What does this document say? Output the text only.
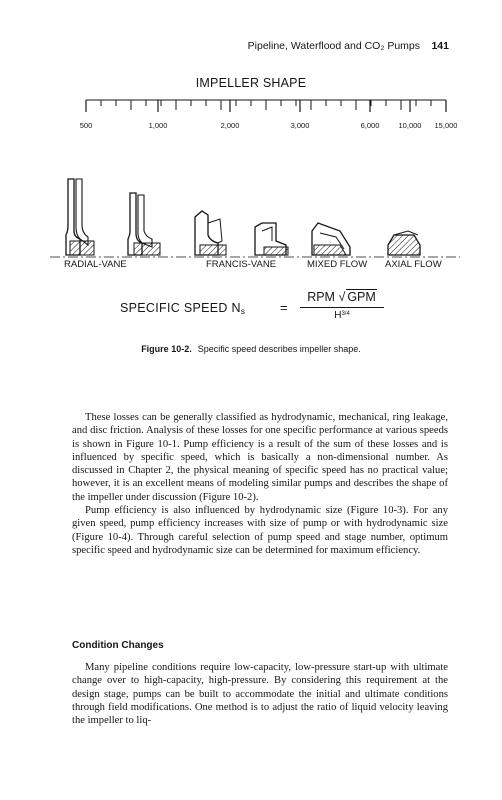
Pipeline, Waterflood and CO₂ Pumps 141
IMPELLER SHAPE
500	1,000	2,000	3,000	6,000	10,000 15,000
RADIAL-VANE	FRANCIS-VANE	MIXED FLOW AXIAL FLOW
SPECIFIC SPEED $N_s$	=
RPM √ GPM
$H^{3/4}$
Figure 10-2. Specific speed describes impeller shape.

These losses can be generally classified as hydrodynamic, mechanical, ring leakage, and disc friction. Analysis of these losses for one specific performance at various speeds is shown in Figure 10-1. Pump efficiency is a result of the sum of these losses and is influenced by specific speed, which is basically a non-dimensional number. As discussed in Chapter 2, the physical meaning of specific speed has no practical value; however, it is an excellent means of modeling similar pumps and describes the shape of the impeller under discussion (Figure 10-2).

Pump efficiency is also influenced by hydrodynamic size (Figure 10-3). For any given speed, pump efficiency increases with size of pump or with hydrodynamic size (Figure 10-4). Through careful selection of pump speed and stage number, optimum specific speed and hydrodynamic size can be determined for maximum efficiency.

Condition Changes

Many pipeline conditions require low-capacity, low-pressure start-up with ultimate change over to high-capacity, high-pressure. By considering this requirement at the design stage, pumps can be built to accommodate the initial and ultimate conditions through field modifications. One method is to adjust the ratio of liquid velocity leaving the impeller to liq-
